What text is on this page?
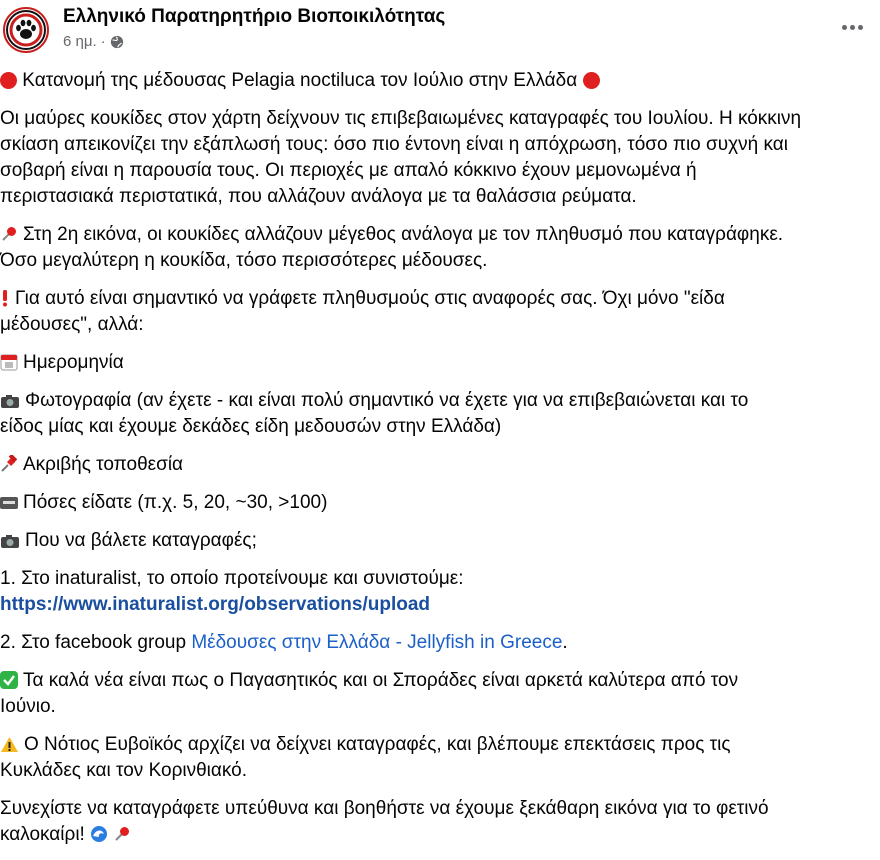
Ελληνικό Παρατηρητήριο Βιοποικιλότητας
6 ημ. ·

Κατανομή της μέδουσας Pelagia noctiluca τον Ιούλιο στην Ελλάδα

Οι μαύρες κουκίδες στον χάρτη δείχνουν τις επιβεβαιωμένες καταγραφές του Ιουλίου. Η κόκκινη
σκίαση απεικονίζει την εξάπλωσή τους: όσο πιο έντονη είναι η απόχρωση, τόσο πιο συχνή και
σοβαρή είναι η παρουσία τους. Οι περιοχές με απαλό κόκκινο έχουν μεμονωμένα ή
περιστασιακά περιστατικά, που αλλάζουν ανάλογα με τα θαλάσσια ρεύματα.

Στη 2η εικόνα, οι κουκίδες αλλάζουν μέγεθος ανάλογα με τον πληθυσμό που καταγράφηκε.
Όσο μεγαλύτερη η κουκίδα, τόσο περισσότερες μέδουσες.

Για αυτό είναι σημαντικό να γράφετε πληθυσμούς στις αναφορές σας. Όχι μόνο "είδα
μέδουσες", αλλά:

Ημερομηνία

Φωτογραφία (αν έχετε - και είναι πολύ σημαντικό να έχετε για να επιβεβαιώνεται και το
είδος μίας και έχουμε δεκάδες είδη μεδουσών στην Ελλάδα)

Ακριβής τοποθεσία

Πόσες είδατε (π.χ. 5, 20, ~30, >100)

Που να βάλετε καταγραφές;

1. Στο inaturalist, το οποίο προτείνουμε και συνιστούμε:
https://www.inaturalist.org/observations/upload

2. Στο facebook group Μέδουσες στην Ελλάδα - Jellyfish in Greece.

Τα καλά νέα είναι πως ο Παγασητικός και οι Σποράδες είναι αρκετά καλύτερα από τον
Ιούνιο.

Ο Νότιος Ευβοϊκός αρχίζει να δείχνει καταγραφές, και βλέπουμε επεκτάσεις προς τις
Κυκλάδες και τον Κορινθιακό.

Συνεχίστε να καταγράφετε υπεύθυνα και βοηθήστε να έχουμε ξεκάθαρη εικόνα για το φετινό
καλοκαίρι!
